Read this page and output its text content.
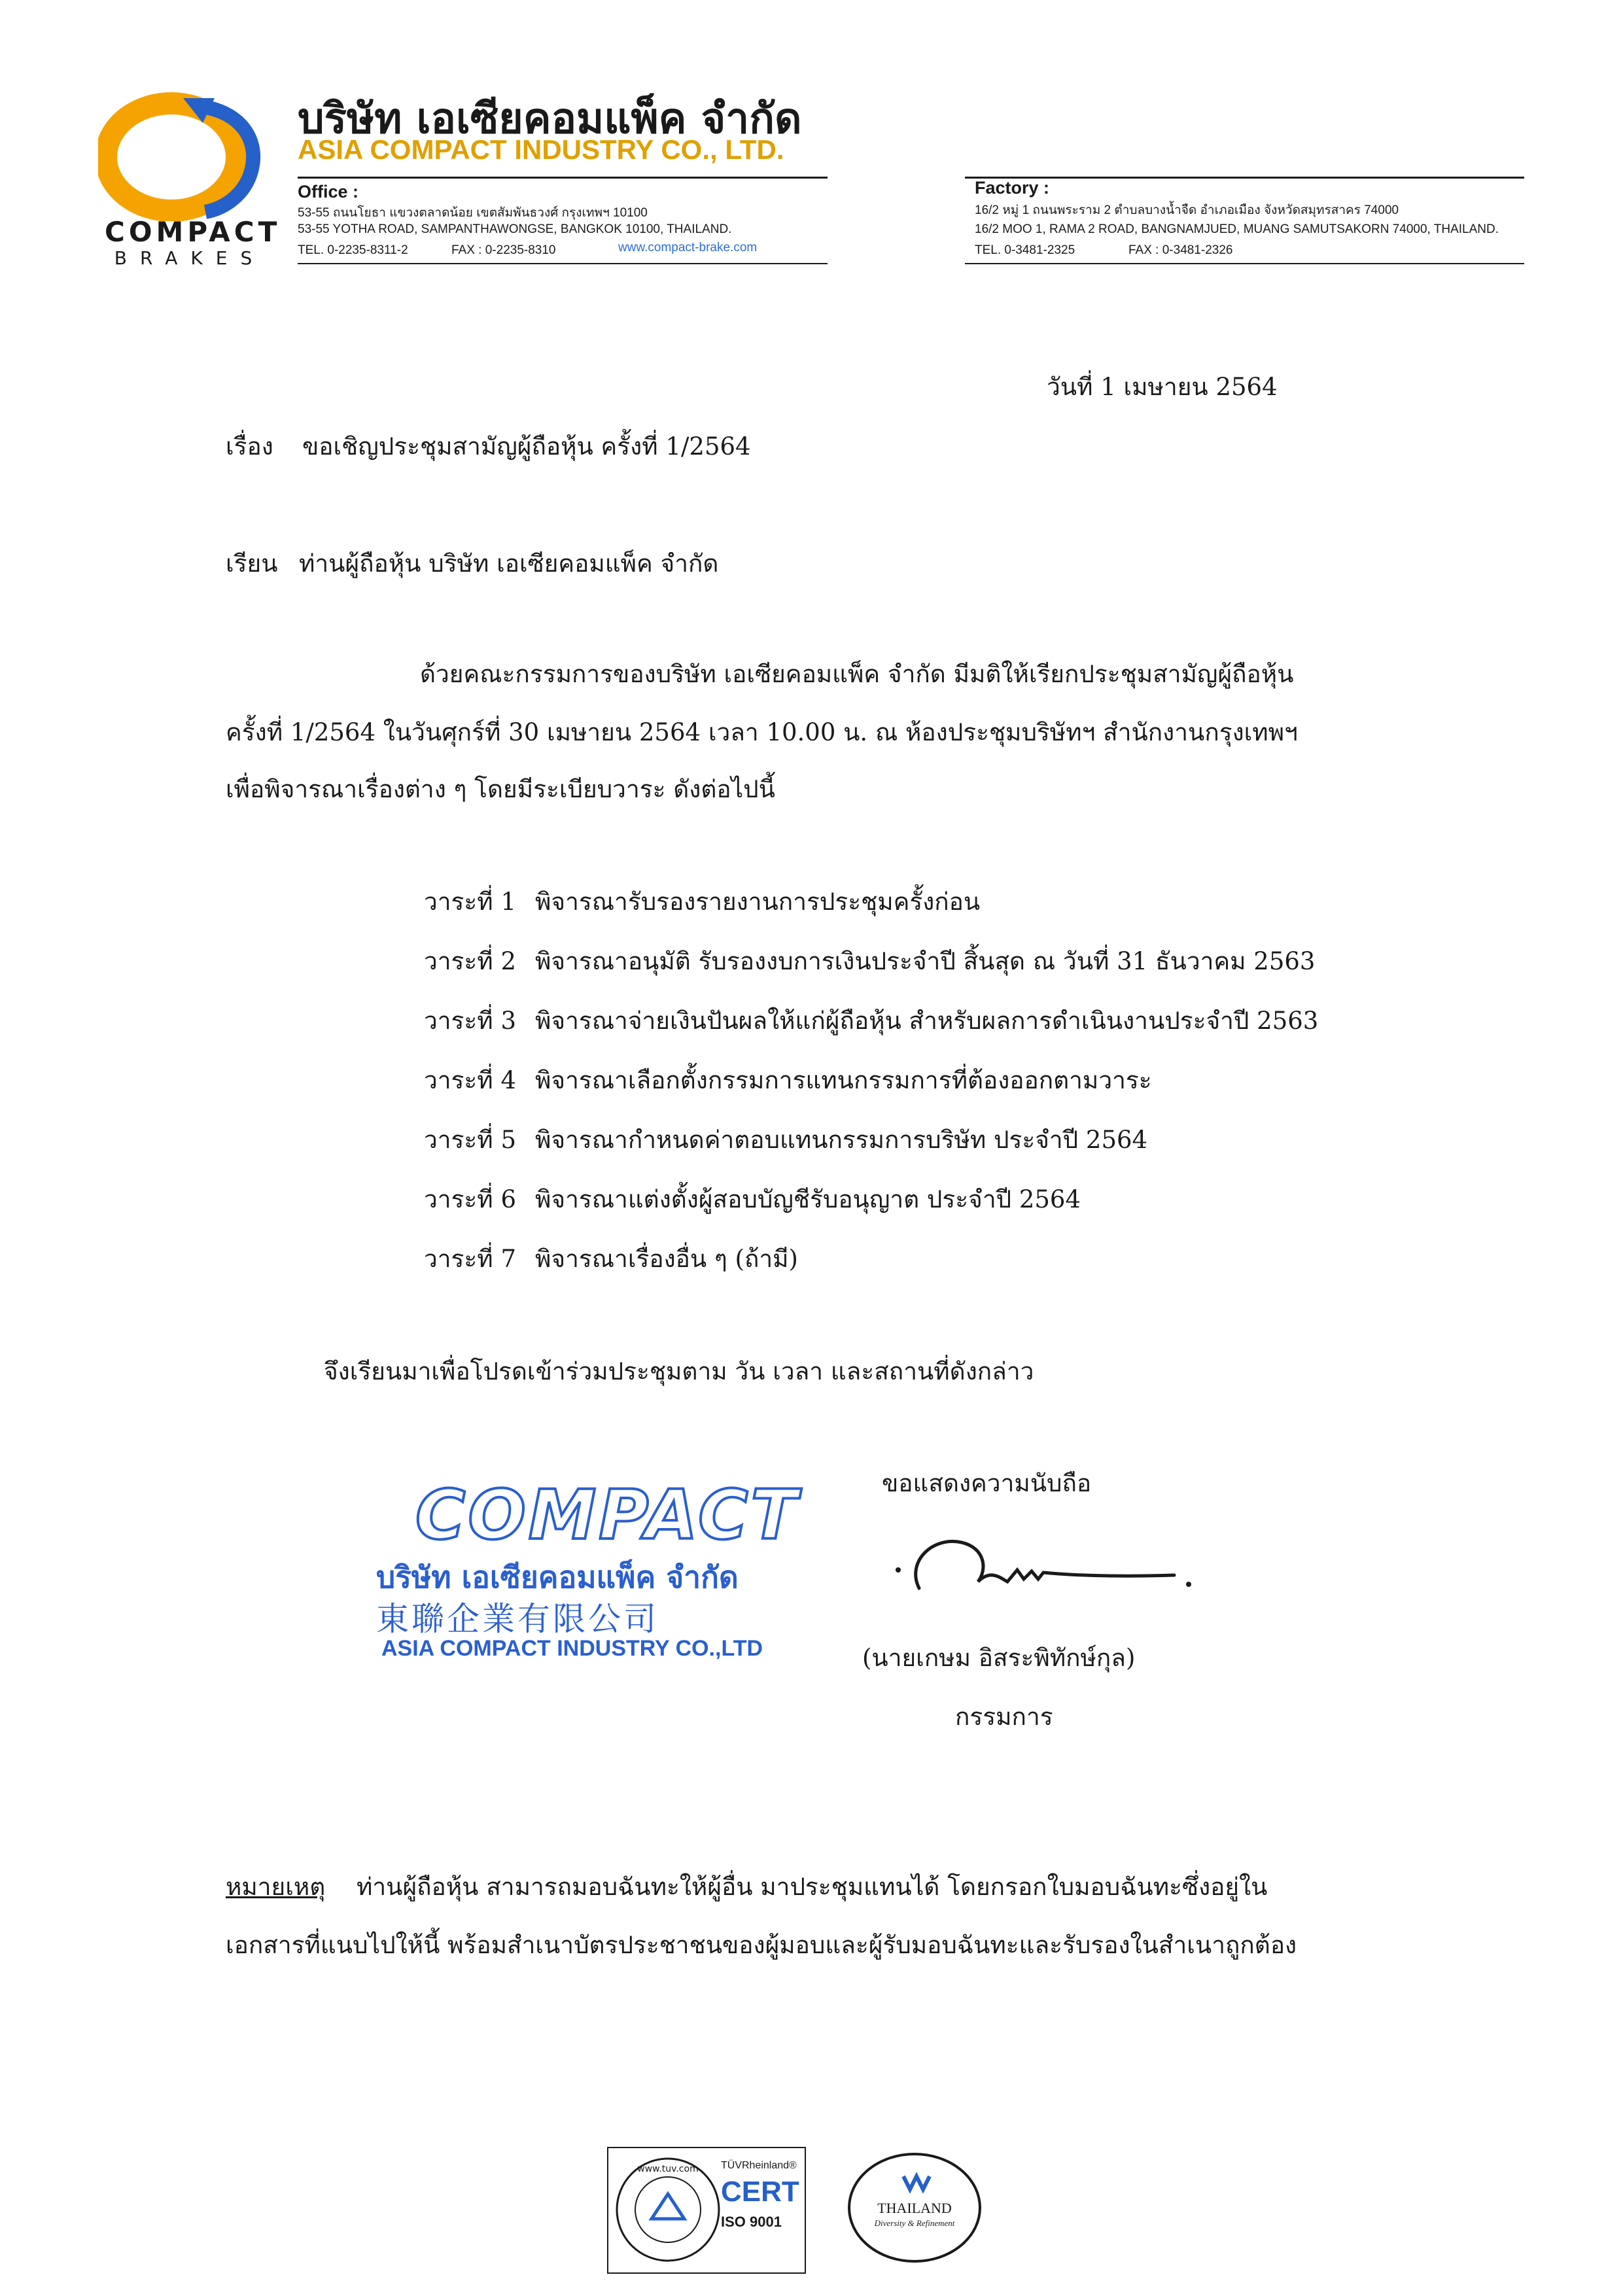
COMPACT
BRAKES
บริษัท เอเซียคอมแพ็ค จำกัด
ASIA COMPACT INDUSTRY CO., LTD.
Office :
53-55 ถนนโยธา แขวงตลาดน้อย เขตสัมพันธวงศ์ กรุงเทพฯ 10100
53-55 YOTHA ROAD, SAMPANTHAWONGSE, BANGKOK 10100, THAILAND.
TEL. 0-2235-8311-2	FAX : 0-2235-8310	www.compact-brake.com
Factory :
16/2 หมู่ 1 ถนนพระราม 2 ตำบลบางน้ำจืด อำเภอเมือง จังหวัดสมุทรสาคร 74000
16/2 MOO 1, RAMA 2 ROAD, BANGNAMJUED, MUANG SAMUTSAKORN 74000, THAILAND.
TEL. 0-3481-2325	FAX : 0-3481-2326
วันที่ 1 เมษายน 2564
เรื่อง ขอเชิญประชุมสามัญผู้ถือหุ้น ครั้งที่ 1/2564
เรียน ท่านผู้ถือหุ้น บริษัท เอเซียคอมแพ็ค จำกัด
ด้วยคณะกรรมการของบริษัท เอเซียคอมแพ็ค จำกัด มีมติให้เรียกประชุมสามัญผู้ถือหุ้น
ครั้งที่ 1/2564 ในวันศุกร์ที่ 30 เมษายน 2564 เวลา 10.00 น. ณ ห้องประชุมบริษัทฯ สำนักงานกรุงเทพฯ
เพื่อพิจารณาเรื่องต่าง ๆ โดยมีระเบียบวาระ ดังต่อไปนี้
วาระที่ 1 พิจารณารับรองรายงานการประชุมครั้งก่อน
วาระที่ 2 พิจารณาอนุมัติ รับรองงบการเงินประจำปี สิ้นสุด ณ วันที่ 31 ธันวาคม 2563
วาระที่ 3 พิจารณาจ่ายเงินปันผลให้แก่ผู้ถือหุ้น สำหรับผลการดำเนินงานประจำปี 2563
วาระที่ 4 พิจารณาเลือกตั้งกรรมการแทนกรรมการที่ต้องออกตามวาระ
วาระที่ 5 พิจารณากำหนดค่าตอบแทนกรรมการบริษัท ประจำปี 2564
วาระที่ 6 พิจารณาแต่งตั้งผู้สอบบัญชีรับอนุญาต ประจำปี 2564
วาระที่ 7 พิจารณาเรื่องอื่น ๆ (ถ้ามี)
จึงเรียนมาเพื่อโปรดเข้าร่วมประชุมตาม วัน เวลา และสถานที่ดังกล่าว
COMPACT
บริษัท เอเซียคอมแพ็ค จำกัด
東聯企業有限公司
ASIA COMPACT INDUSTRY CO.,LTD
ขอแสดงความนับถือ
(นายเกษม อิสระพิทักษ์กุล)
กรรมการ
หมายเหตุ ท่านผู้ถือหุ้น สามารถมอบฉันทะให้ผู้อื่น มาประชุมแทนได้ โดยกรอกใบมอบฉันทะซึ่งอยู่ใน
เอกสารที่แนบไปให้นี้ พร้อมสำเนาบัตรประชาชนของผู้มอบและผู้รับมอบฉันทะและรับรองในสำเนาถูกต้อง
www.tuv.com TÜVRheinland®
CERT
ISO 9001
THAILAND
Diversity & Refinement
